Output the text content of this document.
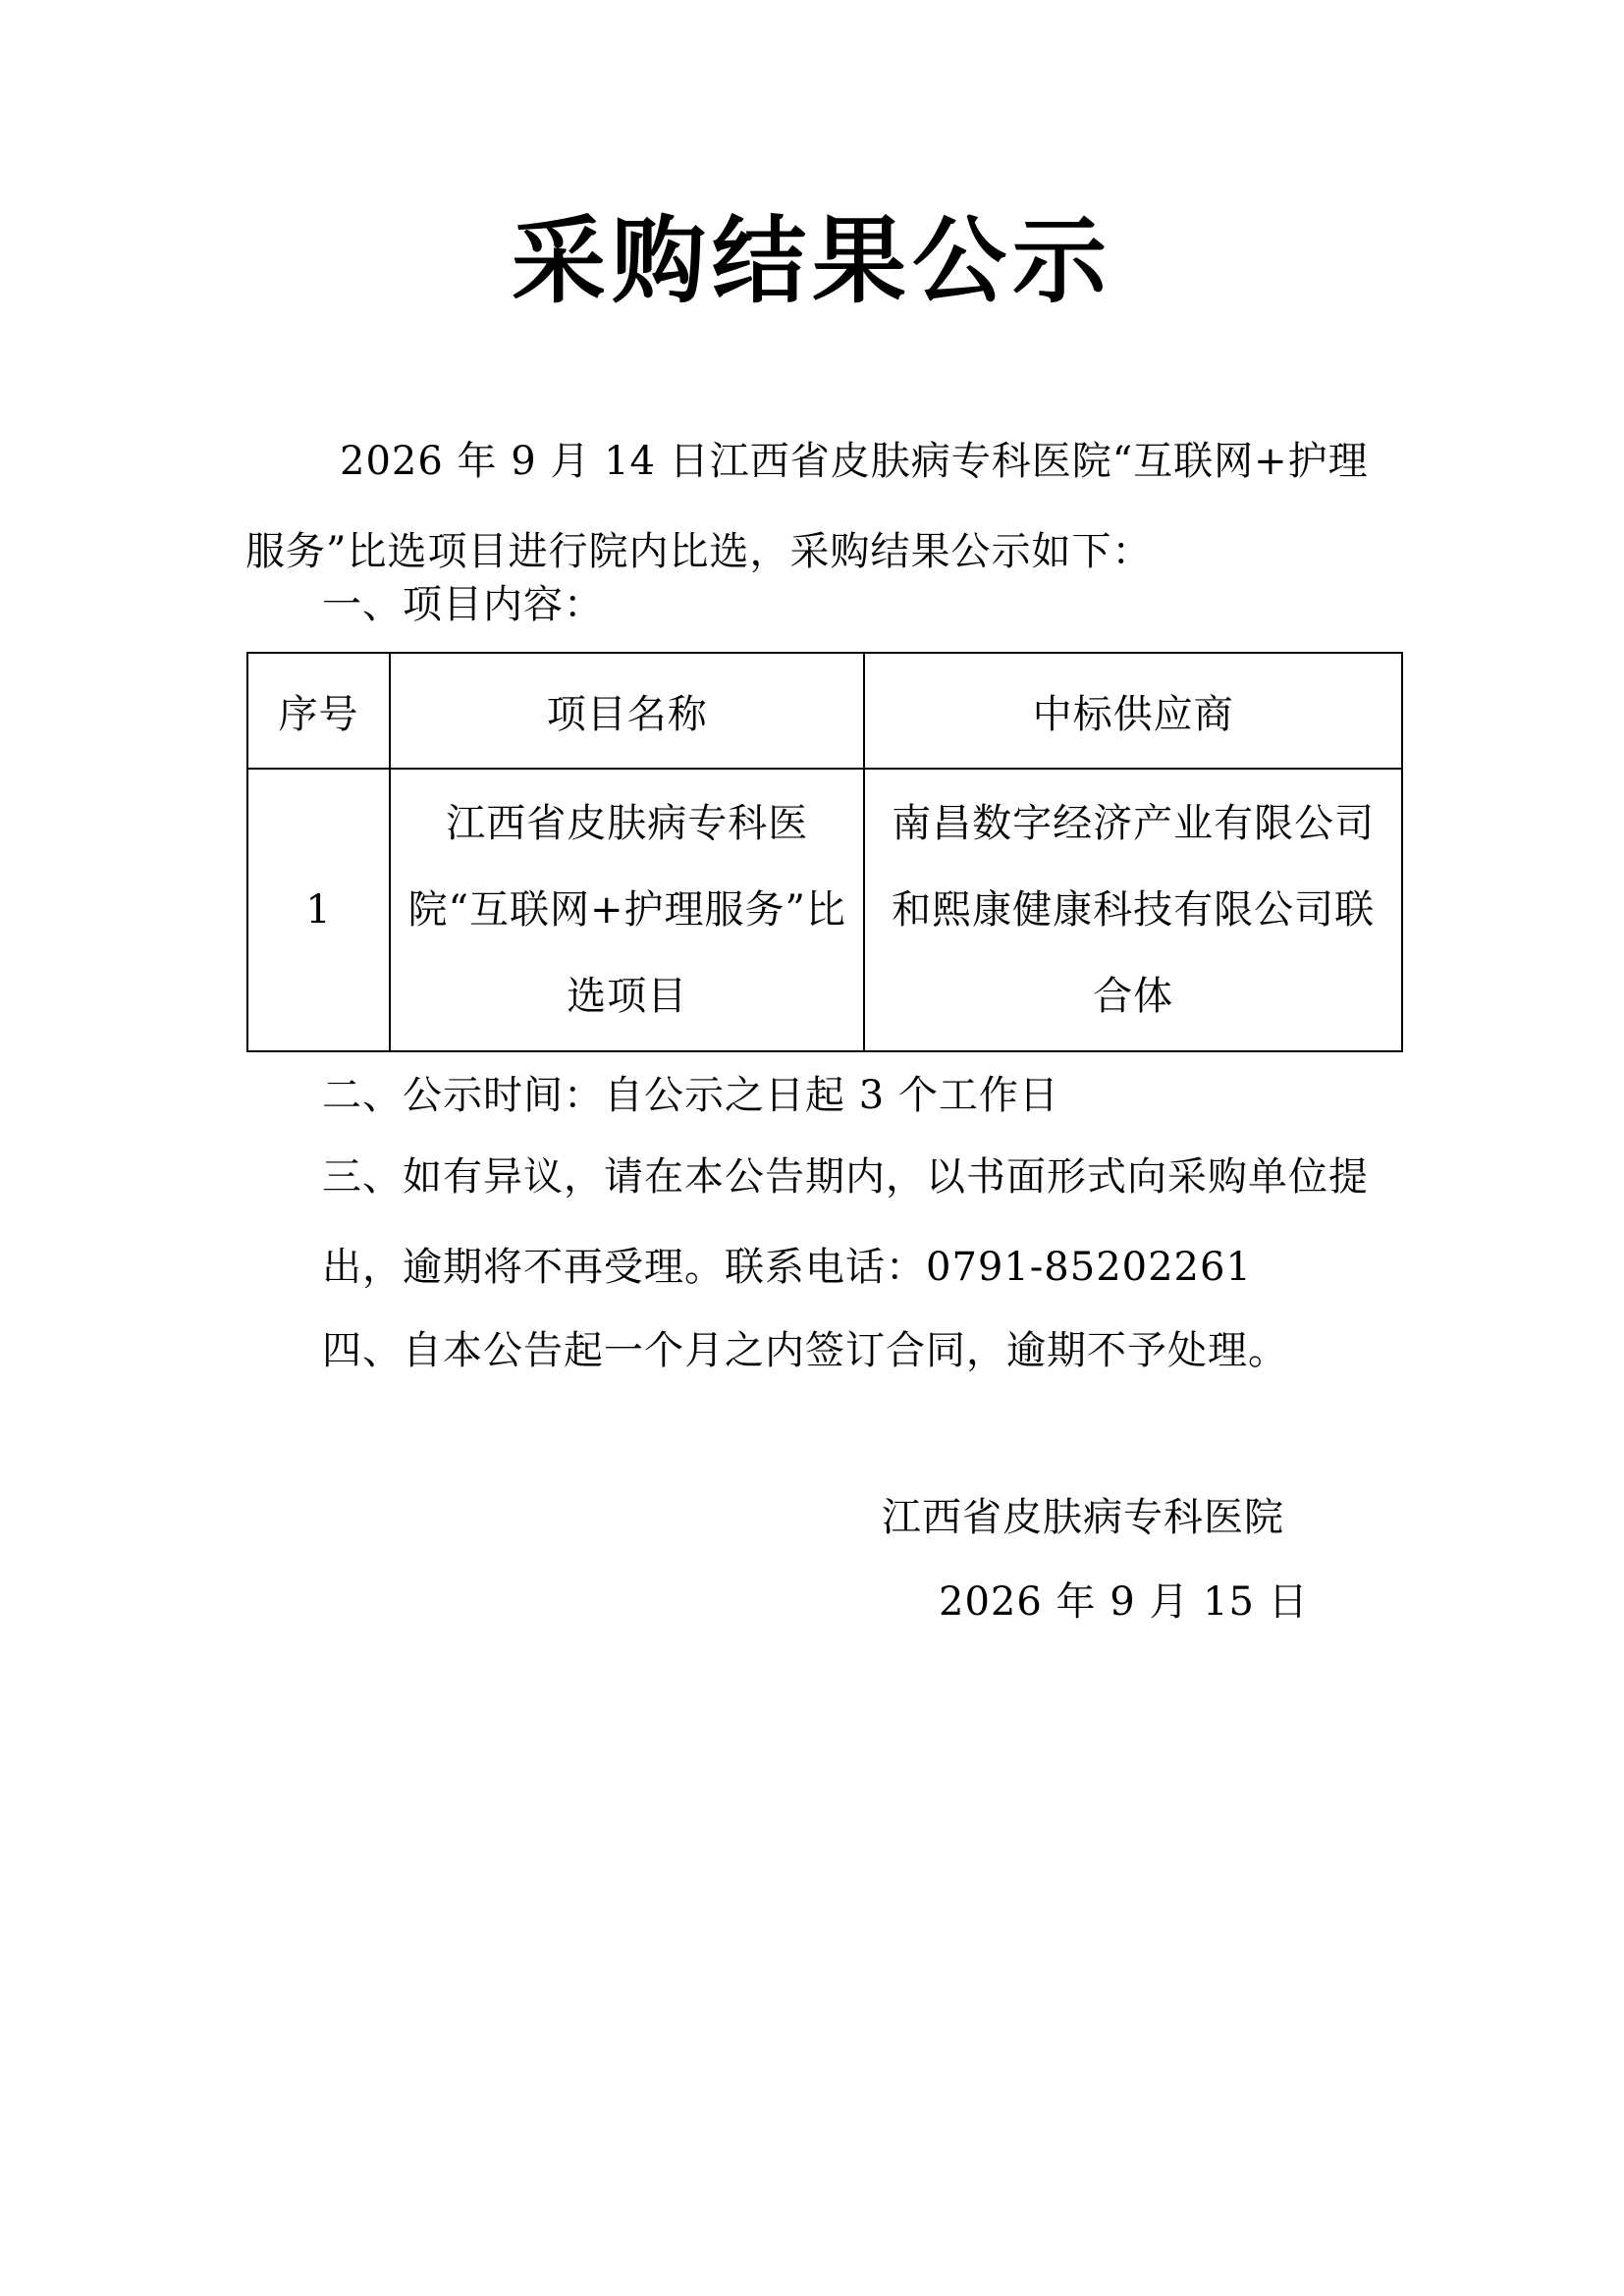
采购结果公示
2026 年 9 月 14 日江西省皮肤病专科医院“互联网+护理服务”比选项目进行院内比选，采购结果公示如下：
一、项目内容：
序号	项目名称	中标供应商
1	江西省皮肤病专科医院“互联网+护理服务”比选项目	南昌数字经济产业有限公司和熙康健康科技有限公司联合体
二、公示时间：自公示之日起 3 个工作日
三、如有异议，请在本公告期内，以书面形式向采购单位提出，逾期将不再受理。联系电话：0791-85202261
四、自本公告起一个月之内签订合同，逾期不予处理。
江西省皮肤病专科医院
2026 年 9 月 15 日
